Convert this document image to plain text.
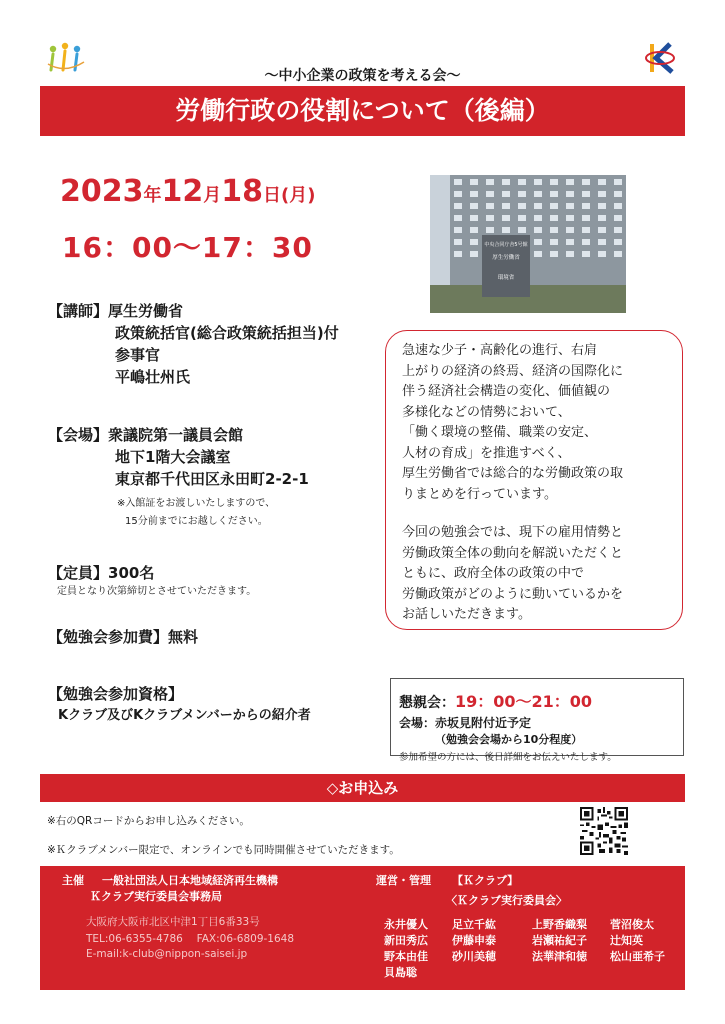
〜中小企業の政策を考える会〜
労働行政の役割について（後編）
2023年12月18日(月)
16：00〜17：30	中央合同庁舎5号館
厚生労働省
環境省
【講師】厚生労働省
政策統括官(総合政策統括担当)付
参事官
平嶋壮州氏
【会場】衆議院第一議員会館
地下1階大会議室
東京都千代田区永田町2-2-1
※入館証をお渡しいたしますので、
15分前までにお越しください。
【定員】300名
定員となり次第締切とさせていただきます。
【勉強会参加費】無料
【勉強会参加資格】
Kクラブ及びKクラブメンバーからの紹介者

急速な少子・高齢化の進行、右肩

上がりの経済の終焉、経済の国際化に

伴う経済社会構造の変化、価値観の

多様化などの情勢において、

「働く環境の整備、職業の安定、

人材の育成」を推進すべく、

厚生労働省では総合的な労働政策の取

りまとめを行っています。

今回の勉強会では、現下の雇用情勢と

労働政策全体の動向を解説いただくと

ともに、政府全体の政策の中で

労働政策がどのように動いているかを

お話しいただきます。

懇親会：19：00〜21：00
会場：赤坂見附付近予定
（勉強会会場から10分程度）
参加希望の方には、後日詳細をお伝えいたします。
◇お申込み
※右のQRコードからお申し込みください。
※Ｋクラブメンバー限定で、オンラインでも同時開催させていただきます。
主催 一般社団法人日本地域経済再生機構
Ｋクラブ実行委員会事務局
大阪府大阪市北区中津1丁目6番33号
TEL:06-6355-4786　 FAX:06-6809-1648
E-mail:k-club@nippon-saisei.jp
運営・管理 【Ｋクラブ】
〈Ｋクラブ実行委員会〉
永井優人 足立千紘	上野香織梨 菅沼俊太
新田秀広 伊藤申泰	岩瀬祐紀子 辻知英
野本由佳 砂川美穂	法華津和徳 松山亜希子
貝島聡
